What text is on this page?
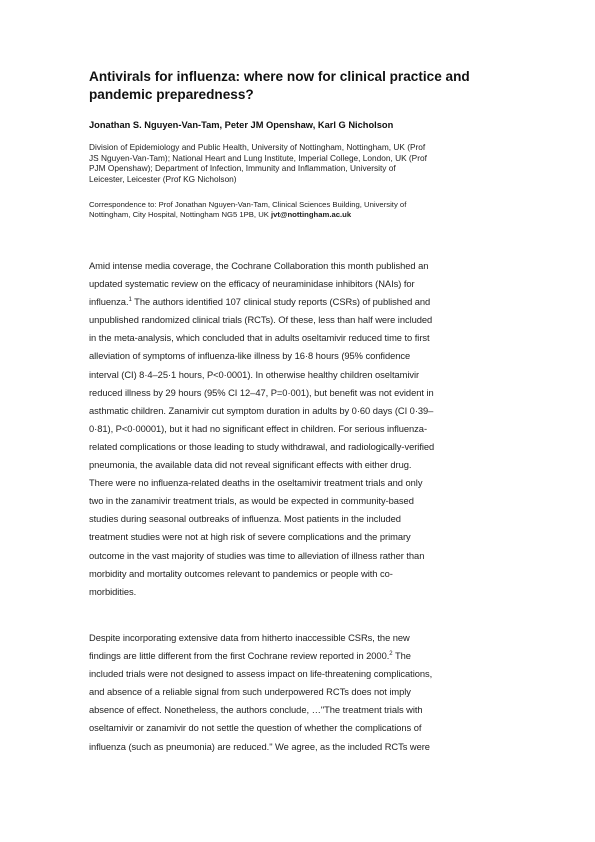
Antivirals for influenza: where now for clinical practice and
pandemic preparedness?
Jonathan S. Nguyen-Van-Tam, Peter JM Openshaw, Karl G Nicholson
Division of Epidemiology and Public Health, University of Nottingham, Nottingham, UK (Prof
JS Nguyen-Van-Tam); National Heart and Lung Institute, Imperial College, London, UK (Prof
PJM Openshaw); Department of Infection, Immunity and Inflammation, University of
Leicester, Leicester (Prof KG Nicholson)
Correspondence to: Prof Jonathan Nguyen-Van-Tam, Clinical Sciences Building, University of
Nottingham, City Hospital, Nottingham NG5 1PB, UK jvt@nottingham.ac.uk
Amid intense media coverage, the Cochrane Collaboration this month published an
updated systematic review on the efficacy of neuraminidase inhibitors (NAIs) for
influenza.$^1$ The authors identified 107 clinical study reports (CSRs) of published and
unpublished randomized clinical trials (RCTs). Of these, less than half were included
in the meta-analysis, which concluded that in adults oseltamivir reduced time to first
alleviation of symptoms of influenza-like illness by 16·8 hours (95% confidence
interval (CI) 8·4–25·1 hours, P<0·0001). In otherwise healthy children oseltamivir
reduced illness by 29 hours (95% CI 12–47, P=0·001), but benefit was not evident in
asthmatic children. Zanamivir cut symptom duration in adults by 0·60 days (CI 0·39–
0·81), P<0·00001), but it had no significant effect in children. For serious influenza-
related complications or those leading to study withdrawal, and radiologically-verified
pneumonia, the available data did not reveal significant effects with either drug.
There were no influenza-related deaths in the oseltamivir treatment trials and only
two in the zanamivir treatment trials, as would be expected in community-based
studies during seasonal outbreaks of influenza. Most patients in the included
treatment studies were not at high risk of severe complications and the primary
outcome in the vast majority of studies was time to alleviation of illness rather than
morbidity and mortality outcomes relevant to pandemics or people with co-
morbidities.
Despite incorporating extensive data from hitherto inaccessible CSRs, the new
findings are little different from the first Cochrane review reported in 2000.$^2$ The
included trials were not designed to assess impact on life-threatening complications,
and absence of a reliable signal from such underpowered RCTs does not imply
absence of effect. Nonetheless, the authors conclude, …"The treatment trials with
oseltamivir or zanamivir do not settle the question of whether the complications of
influenza (such as pneumonia) are reduced." We agree, as the included RCTs were
